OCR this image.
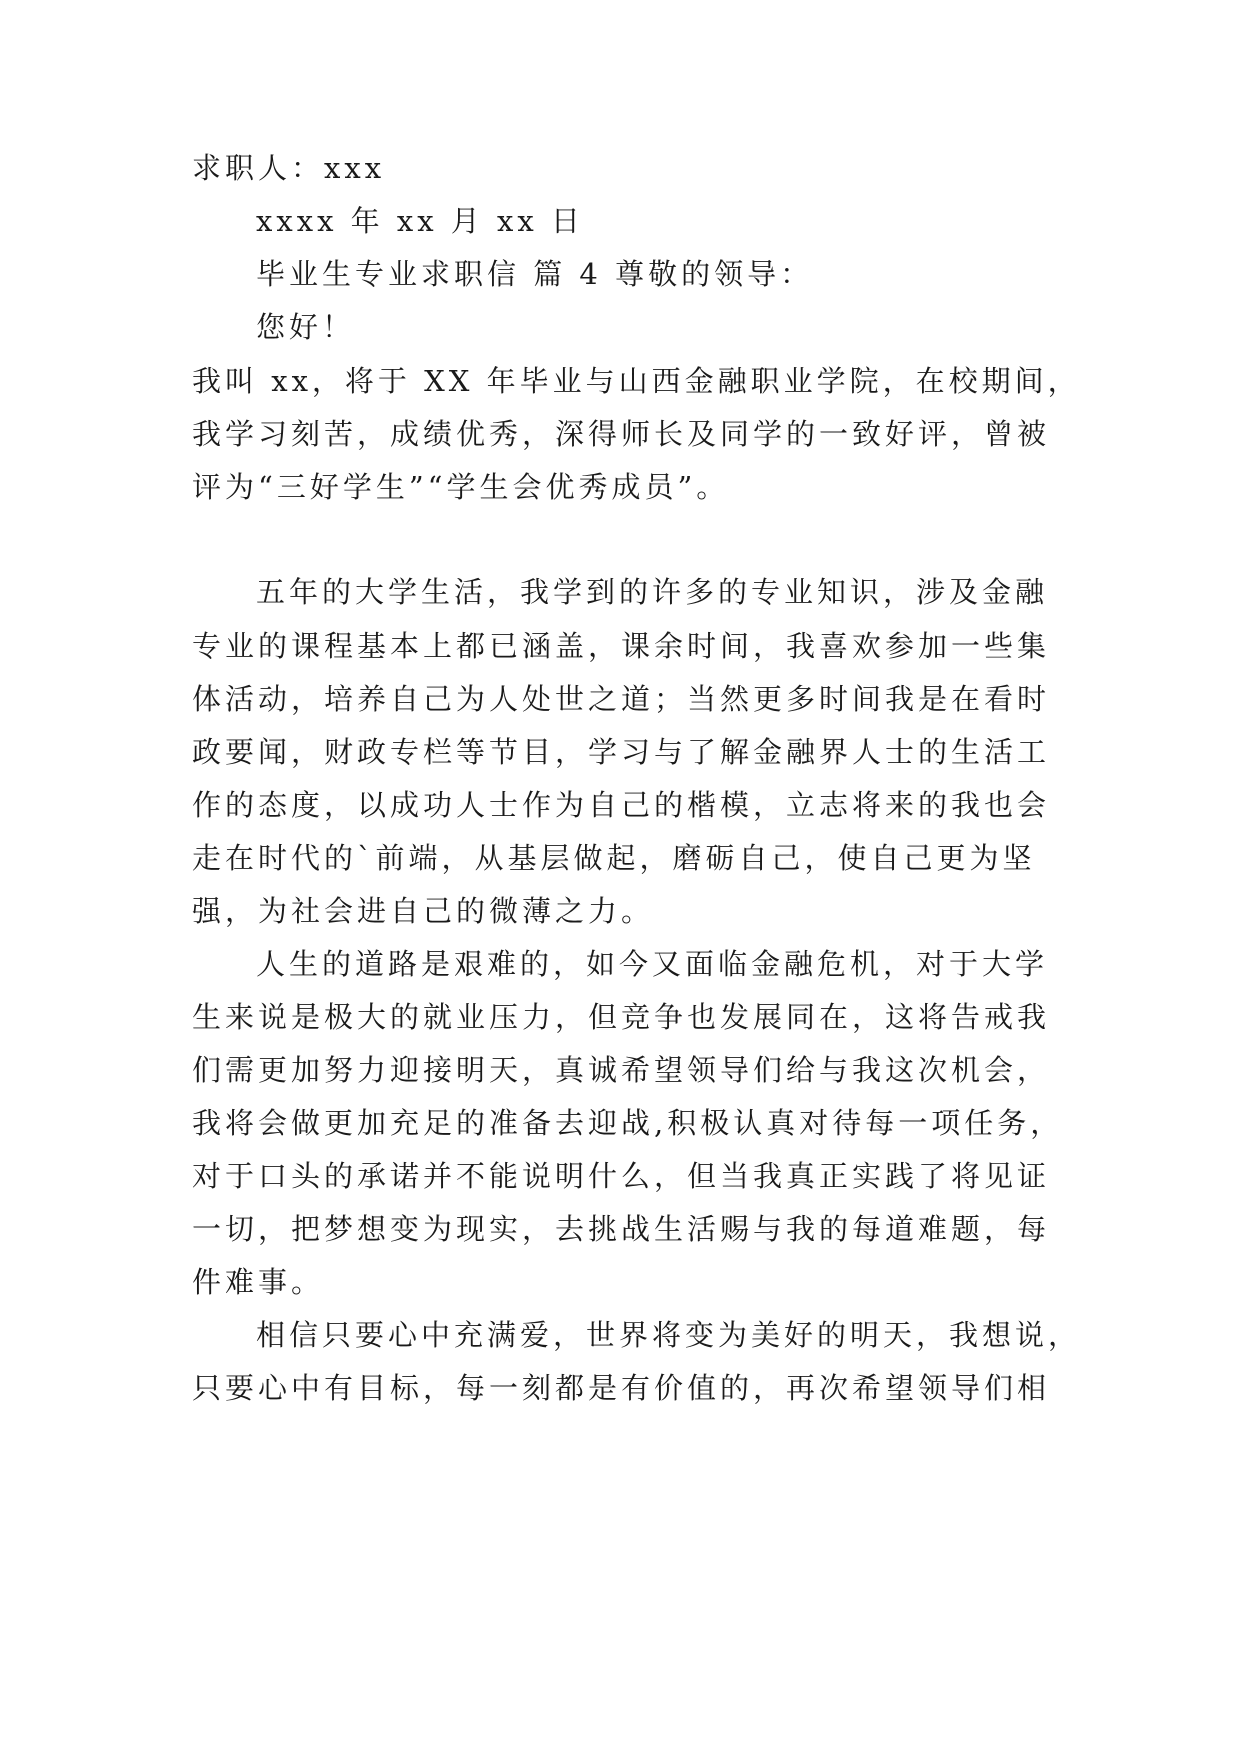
求职人：xxx
xxxx 年 xx 月 xx 日
毕业生专业求职信 篇 4 尊敬的领导：
您好！
我叫 xx，将于 XX 年毕业与山西金融职业学院，在校期间，
我学习刻苦，成绩优秀，深得师长及同学的一致好评，曾被
评为“三好学生”“学生会优秀成员”。
五年的大学生活，我学到的许多的专业知识，涉及金融
专业的课程基本上都已涵盖，课余时间，我喜欢参加一些集
体活动，培养自己为人处世之道；当然更多时间我是在看时
政要闻，财政专栏等节目，学习与了解金融界人士的生活工
作的态度，以成功人士作为自己的楷模，立志将来的我也会
走在时代的`前端，从基层做起，磨砺自己，使自己更为坚
强，为社会进自己的微薄之力。
人生的道路是艰难的，如今又面临金融危机，对于大学
生来说是极大的就业压力，但竞争也发展同在，这将告戒我
们需更加努力迎接明天，真诚希望领导们给与我这次机会，
我将会做更加充足的准备去迎战,积极认真对待每一项任务，
对于口头的承诺并不能说明什么，但当我真正实践了将见证
一切，把梦想变为现实，去挑战生活赐与我的每道难题，每
件难事。
相信只要心中充满爱，世界将变为美好的明天，我想说，
只要心中有目标，每一刻都是有价值的，再次希望领导们相
